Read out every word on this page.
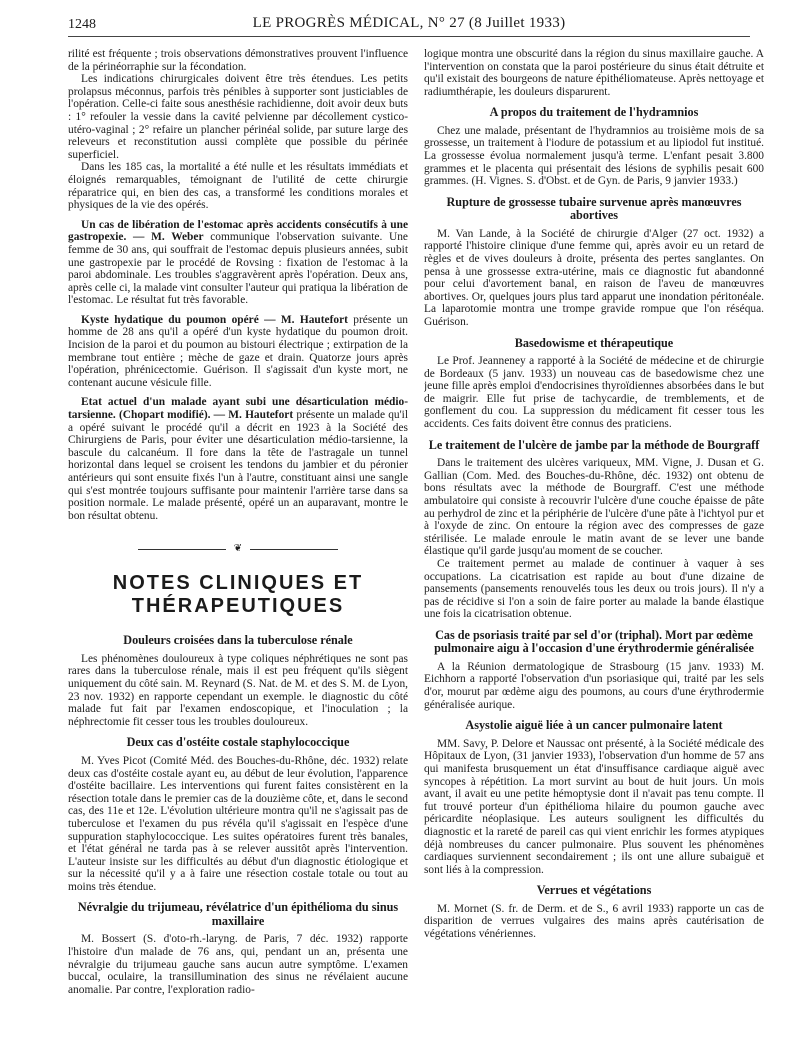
1248	LE PROGRÈS MÉDICAL, N° 27 (8 Juillet 1933)

rilité est fréquente ; trois observations démonstratives prouvent l'influence de la périnéorraphie sur la fécondation.

Les indications chirurgicales doivent être très étendues. Les petits prolapsus méconnus, parfois très pénibles à supporter sont justiciables de l'opération. Celle-ci faite sous anesthésie rachidienne, doit avoir deux buts : 1° refouler la vessie dans la cavité pelvienne par décollement cystico-utéro-vaginal ; 2° refaire un plancher périnéal solide, par suture large des releveurs et reconstitution aussi complète que possible du périnée superficiel.

Dans les 185 cas, la mortalité a été nulle et les résultats immédiats et éloignés remarquables, témoignant de l'utilité de cette chirurgie réparatrice qui, en bien des cas, a transformé les conditions morales et physiques de la vie des opérés.

Un cas de libération de l'estomac après accidents consécutifs à une gastropexie. — M. Weber communique l'observation suivante. Une femme de 30 ans, qui souffrait de l'estomac depuis plusieurs années, subit une gastropexie par le procédé de Rovsing : fixation de l'estomac à la paroi abdominale. Les troubles s'aggravèrent après l'opération. Deux ans, après celle ci, la malade vint consulter l'auteur qui pratiqua la libération de l'estomac. Le résultat fut très favorable.

Kyste hydatique du poumon opéré — M. Hautefort présente un homme de 28 ans qu'il a opéré d'un kyste hydatique du poumon droit. Incision de la paroi et du poumon au bistouri électrique ; extirpation de la membrane tout entière ; mèche de gaze et drain. Quatorze jours après l'opération, phrénicectomie. Guérison. Il s'agissait d'un kyste mort, ne contenant aucune vésicule fille.

Etat actuel d'un malade ayant subi une désarticulation médio-tarsienne. (Chopart modifié). — M. Hautefort présente un malade qu'il a opéré suivant le procédé qu'il a décrit en 1923 à la Société des Chirurgiens de Paris, pour éviter une désarticulation médio-tarsienne, la bascule du calcanéum. Il fore dans la tête de l'astragale un tunnel horizontal dans lequel se croisent les tendons du jambier et du péronier antérieurs qui sont ensuite fixés l'un à l'autre, constituant ainsi une sangle qui s'est montrée toujours suffisante pour maintenir l'arrière tarse dans sa position normale. Le malade présenté, opéré un an auparavant, montre le bon résultat obtenu.

❦
NOTES CLINIQUES ET THÉRAPEUTIQUES
Douleurs croisées dans la tuberculose rénale

Les phénomènes douloureux à type coliques néphrétiques ne sont pas rares dans la tuberculose rénale, mais il est peu fréquent qu'ils siègent uniquement du côté sain. M. Reynard (S. Nat. de M. et des S. M. de Lyon, 23 nov. 1932) en rapporte cependant un exemple. le diagnostic du côté malade fut fait par l'examen endoscopique, et l'inoculation ; la néphrectomie fit cesser tous les troubles douloureux.

Deux cas d'ostéite costale staphylococcique

M. Yves Picot (Comité Méd. des Bouches-du-Rhône, déc. 1932) relate deux cas d'ostéite costale ayant eu, au début de leur évolution, l'apparence d'ostéite bacillaire. Les interventions qui furent faites consistèrent en la résection totale dans le premier cas de la douzième côte, et, dans le second cas, des 11e et 12e. L'évolution ultérieure montra qu'il ne s'agissait pas de tuberculose et l'examen du pus révéla qu'il s'agissait en l'espèce d'une suppuration staphylococcique. Les suites opératoires furent très banales, et l'état général ne tarda pas à se relever aussitôt après l'intervention. L'auteur insiste sur les difficultés au début d'un diagnostic étiologique et sur la nécessité qu'il y a à faire une résection costale totale ou tout au moins très étendue.

Névralgie du trijumeau, révélatrice d'un épithélioma du sinus maxillaire

M. Bossert (S. d'oto-rh.-laryng. de Paris, 7 déc. 1932) rapporte l'histoire d'un malade de 76 ans, qui, pendant un an, présenta une névralgie du trijumeau gauche sans aucun autre symptôme. L'examen buccal, oculaire, la transillumination des sinus ne révélaient aucune anomalie. Par contre, l'exploration radio-

logique montra une obscurité dans la région du sinus maxillaire gauche. A l'intervention on constata que la paroi postérieure du sinus était détruite et qu'il existait des bourgeons de nature épithéliomateuse. Après nettoyage et radiumthérapie, les douleurs disparurent.

A propos du traitement de l'hydramnios

Chez une malade, présentant de l'hydramnios au troisième mois de sa grossesse, un traitement à l'iodure de potassium et au lipiodol fut institué. La grossesse évolua normalement jusqu'à terme. L'enfant pesait 3.800 grammes et le placenta qui présentait des lésions de syphilis pesait 600 grammes. (H. Vignes. S. d'Obst. et de Gyn. de Paris, 9 janvier 1933.)

Rupture de grossesse tubaire survenue après manœuvres abortives

M. Van Lande, à la Société de chirurgie d'Alger (27 oct. 1932) a rapporté l'histoire clinique d'une femme qui, après avoir eu un retard de règles et de vives douleurs à droite, présenta des pertes sanglantes. On pensa à une grossesse extra-utérine, mais ce diagnostic fut abandonné pour celui d'avortement banal, en raison de l'aveu de manœuvres abortives. Or, quelques jours plus tard apparut une inondation péritonéale. La laparotomie montra une trompe gravide rompue que l'on réséqua. Guérison.

Basedowisme et thérapeutique

Le Prof. Jeanneney a rapporté à la Société de médecine et de chirurgie de Bordeaux (5 janv. 1933) un nouveau cas de basedowisme chez une jeune fille après emploi d'endocrisines thyroïdiennes absorbées dans le but de maigrir. Elle fut prise de tachycardie, de tremblements, et de gonflement du cou. La suppression du médicament fit cesser tous les accidents. Ces faits doivent être connus des praticiens.

Le traitement de l'ulcère de jambe par la méthode de Bourgraff

Dans le traitement des ulcères variqueux, MM. Vigne, J. Dusan et G. Gallian (Com. Med. des Bouches-du-Rhône, déc. 1932) ont obtenu de bons résultats avec la méthode de Bourgraff. C'est une méthode ambulatoire qui consiste à recouvrir l'ulcère d'une couche épaisse de pâte au perhydrol de zinc et la périphérie de l'ulcère d'une pâte à l'ichtyol pur et à l'oxyde de zinc. On entoure la région avec des compresses de gaze stérilisée. Le malade enroule le matin avant de se lever une bande élastique qu'il garde jusqu'au moment de se coucher.

Ce traitement permet au malade de continuer à vaquer à ses occupations. La cicatrisation est rapide au bout d'une dizaine de pansements (pansements renouvelés tous les deux ou trois jours). Il n'y a pas de récidive si l'on a soin de faire porter au malade la bande élastique une fois la cicatrisation obtenue.

Cas de psoriasis traité par sel d'or (triphal). Mort par œdème pulmonaire aigu à l'occasion d'une érythrodermie généralisée

A la Réunion dermatologique de Strasbourg (15 janv. 1933) M. Eichhorn a rapporté l'observation d'un psoriasique qui, traité par les sels d'or, mourut par œdème aigu des poumons, au cours d'une érythrodermie généralisée aurique.

Asystolie aiguë liée à un cancer pulmonaire latent

MM. Savy, P. Delore et Naussac ont présenté, à la Société médicale des Hôpitaux de Lyon, (31 janvier 1933), l'observation d'un homme de 57 ans qui manifesta brusquement un état d'insuffisance cardiaque aiguë avec syncopes à répétition. La mort survint au bout de huit jours. Un mois avant, il avait eu une petite hémoptysie dont il n'avait pas tenu compte. Il fut trouvé porteur d'un épithélioma hilaire du poumon gauche avec péricardite néoplasique. Les auteurs soulignent les difficultés du diagnostic et la rareté de pareil cas qui vient enrichir les formes atypiques déjà nombreuses du cancer pulmonaire. Plus souvent les phénomènes cardiaques surviennent secondairement ; ils ont une allure subaiguë et sont liés à la compression.

Verrues et végétations

M. Mornet (S. fr. de Derm. et de S., 6 avril 1933) rapporte un cas de disparition de verrues vulgaires des mains après cautérisation de végétations vénériennes.
